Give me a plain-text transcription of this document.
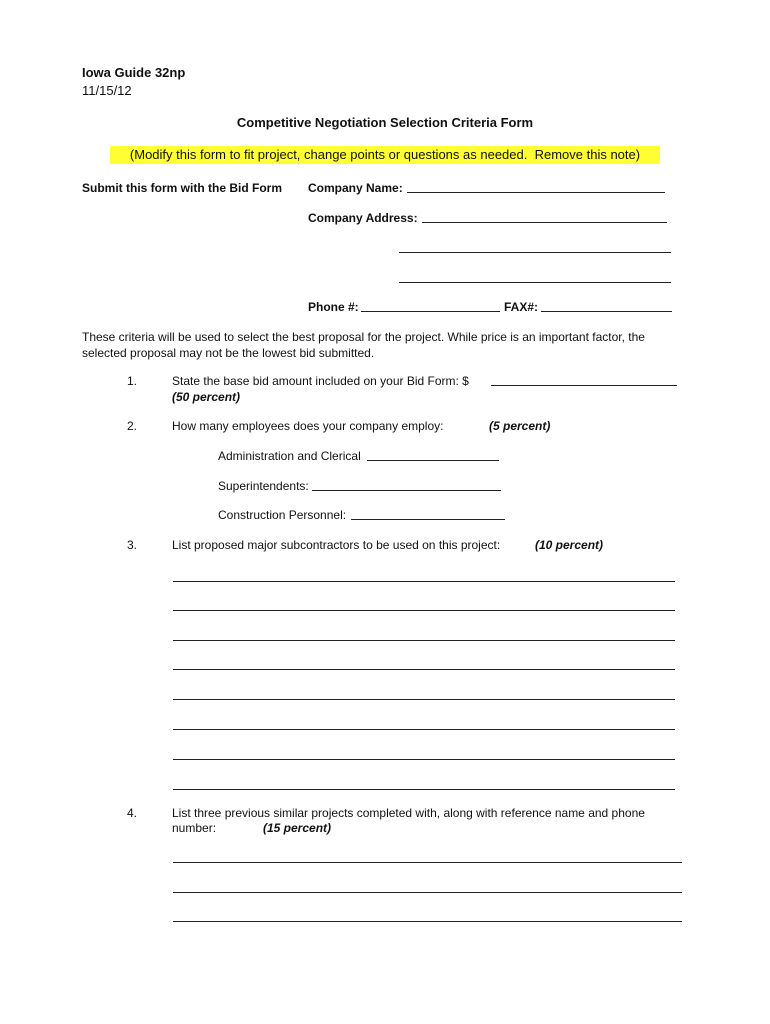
Iowa Guide 32np
11/15/12
Competitive Negotiation Selection Criteria Form
(Modify this form to fit project, change points or questions as needed.  Remove this note)
Submit this form with the Bid Form Company Name:
Company Address:
Phone #:	FAX#:
These criteria will be used to select the best proposal for the project. While price is an important factor, the selected proposal may not be the lowest bid submitted.
1.	State the base bid amount included on your Bid Form: $
(50 percent)
2.	How many employees does your company employ:	(5 percent)
Administration and Clerical
Superintendents:
Construction Personnel:
3.	List proposed major subcontractors to be used on this project:	(10 percent)
4.	List three previous similar projects completed with, along with reference name and phone
number:	(15 percent)
